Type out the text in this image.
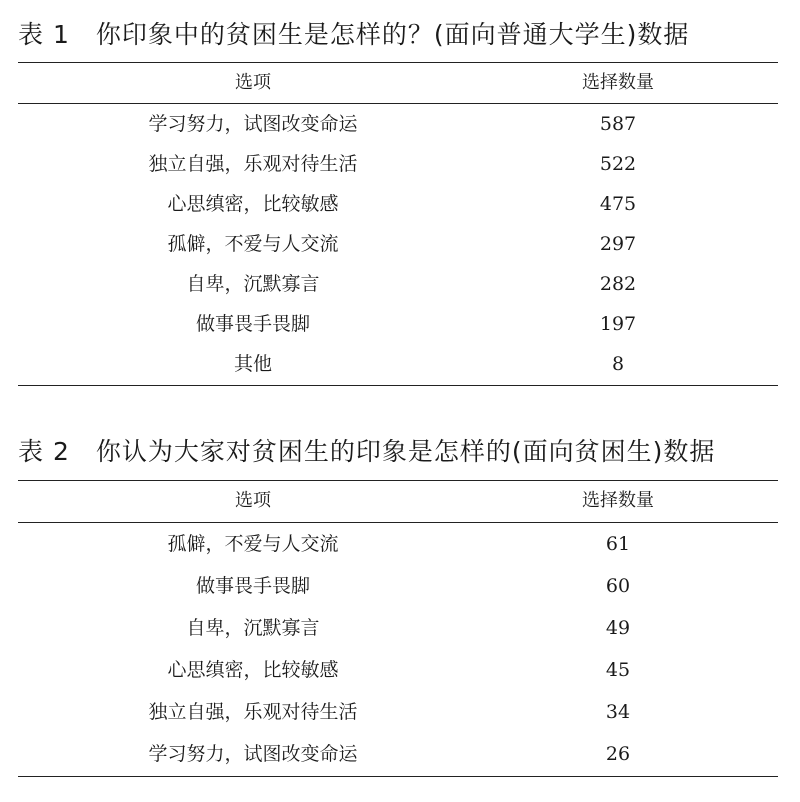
表 1 你印象中的贫困生是怎样的？(面向普通大学生)数据
选项	选择数量
学习努力，试图改变命运	587
独立自强，乐观对待生活	522
心思缜密，比较敏感	475
孤僻，不爱与人交流	297
自卑，沉默寡言	282
做事畏手畏脚	197
其他	8
表 2 你认为大家对贫困生的印象是怎样的(面向贫困生)数据
选项	选择数量
孤僻，不爱与人交流	61
做事畏手畏脚	60
自卑，沉默寡言	49
心思缜密，比较敏感	45
独立自强，乐观对待生活	34
学习努力，试图改变命运	26
